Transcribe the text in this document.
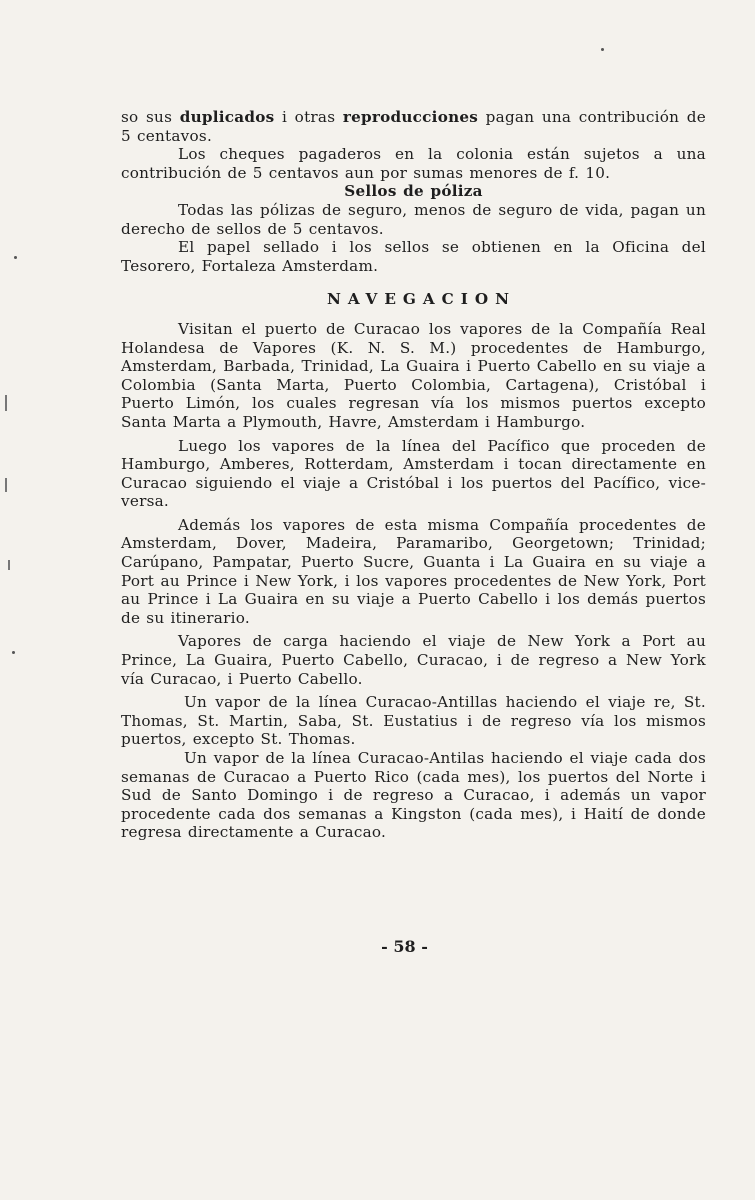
so sus duplicados i otras reproducciones pagan una contribución de 5 centavos.

Los cheques pagaderos en la colonia están sujetos a una contribución de 5 centavos aun por sumas menores de f. 10.

Sellos de póliza

Todas las pólizas de seguro, menos de seguro de vida, pagan un derecho de sellos de 5 centavos.

El papel sellado i los sellos se obtienen en la Oficina del Tesorero, Fortaleza Amsterdam.

NAVEGACION

Visitan el puerto de Curacao los vapores de la Compañía Real Holandesa de Vapores (K. N. S. M.) procedentes de Hamburgo, Amsterdam, Barbada, Trinidad, La Guaira i Puerto Cabello en su viaje a Colombia (Santa Marta, Puerto Colombia, Cartagena), Cristóbal i Puerto Limón, los cuales regresan vía los mismos puertos excepto Santa Marta a Plymouth, Havre, Amsterdam i Hamburgo.

Luego los vapores de la línea del Pacífico que proceden de Hamburgo, Amberes, Rotterdam, Amsterdam i tocan directamente en Curacao siguiendo el viaje a Cristóbal i los puertos del Pacífico, vice-versa.

Además los vapores de esta misma Compañía procedentes de Amsterdam, Dover, Madeira, Paramaribo, Georgetown; Trinidad; Carúpano, Pampatar, Puerto Sucre, Guanta i La Guaira en su viaje a Port au Prince i New York, i los vapores procedentes de New York, Port au Prince i La Guaira en su viaje a Puerto Cabello i los demás puertos de su itinerario.

Vapores de carga haciendo el viaje de New York a Port au Prince, La Guaira, Puerto Cabello, Curacao, i de regreso a New York vía Curacao, i Puerto Cabello.

Un vapor de la línea Curacao-Antillas haciendo el viaje re, St. Thomas, St. Martin, Saba, St. Eustatius i de regreso vía los mismos puertos, excepto St. Thomas.

Un vapor de la línea Curacao-Antilas haciendo el viaje cada dos semanas de Curacao a Puerto Rico (cada mes), los puertos del Norte i Sud de Santo Domingo i de regreso a Curacao, i además un vapor procedente cada dos semanas a Kingston (cada mes), i Haití de donde regresa directamente a Curacao.

- 58 -
